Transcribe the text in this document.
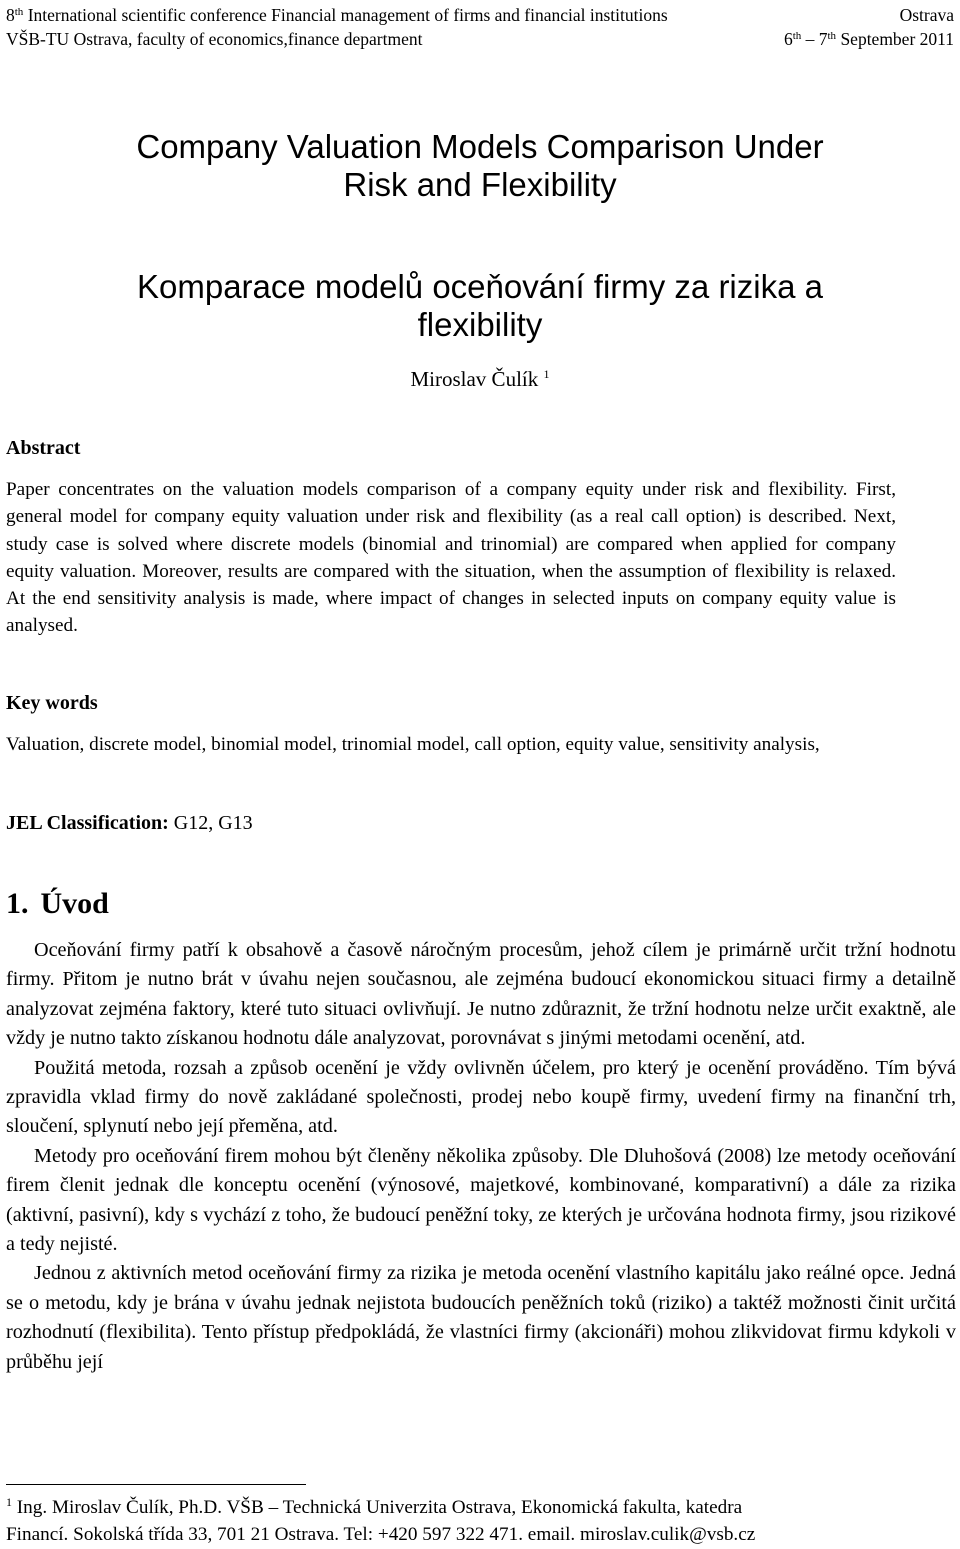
8th International scientific conference Financial management of firms and financial institutions	Ostrava
VŠB-TU Ostrava, faculty of economics,finance department	6th – 7th September 2011
Company Valuation Models Comparison Under
Risk and Flexibility
Komparace modelů oceňování firmy za rizika a
flexibility
Miroslav Čulík $^1$
Abstract
Paper concentrates on the valuation models comparison of a company equity under risk and flexibility. First, general model for company equity valuation under risk and flexibility (as a real call option) is described. Next, study case is solved where discrete models (binomial and trinomial) are compared when applied for company equity valuation. Moreover, results are compared with the situation, when the assumption of flexibility is relaxed. At the end sensitivity analysis is made, where impact of changes in selected inputs on company equity value is analysed.
Key words
Valuation, discrete model, binomial model, trinomial model, call option, equity value, sensitivity analysis,
JEL Classification: G12, G13
1. Úvod

Oceňování firmy patří k obsahově a časově náročným procesům, jehož cílem je primárně určit tržní hodnotu firmy. Přitom je nutno brát v úvahu nejen současnou, ale zejména budoucí ekonomickou situaci firmy a detailně analyzovat zejména faktory, které tuto situaci ovlivňují. Je nutno zdůraznit, že tržní hodnotu nelze určit exaktně, ale vždy je nutno takto získanou hodnotu dále analyzovat, porovnávat s jinými metodami ocenění, atd.

Použitá metoda, rozsah a způsob ocenění je vždy ovlivněn účelem, pro který je ocenění prováděno. Tím bývá zpravidla vklad firmy do nově zakládané společnosti, prodej nebo koupě firmy, uvedení firmy na finanční trh, sloučení, splynutí nebo její přeměna, atd.

Metody pro oceňování firem mohou být členěny několika způsoby. Dle Dluhošová (2008) lze metody oceňování firem členit jednak dle konceptu ocenění (výnosové, majetkové, kombinované, komparativní) a dále za rizika (aktivní, pasivní), kdy s vychází z toho, že budoucí peněžní toky, ze kterých je určována hodnota firmy, jsou rizikové a tedy nejisté.

Jednou z aktivních metod oceňování firmy za rizika je metoda ocenění vlastního kapitálu jako reálné opce. Jedná se o metodu, kdy je brána v úvahu jednak nejistota budoucích peněžních toků (riziko) a taktéž možnosti činit určitá rozhodnutí (flexibilita). Tento přístup předpokládá, že vlastníci firmy (akcionáři) mohou zlikvidovat firmu kdykoli v průběhu její

$^1$ Ing. Miroslav Čulík, Ph.D. VŠB – Technická Univerzita Ostrava, Ekonomická fakulta, katedra
Financí. Sokolská třída 33, 701 21 Ostrava. Tel: +420 597 322 471. email. miroslav.culik@vsb.cz
